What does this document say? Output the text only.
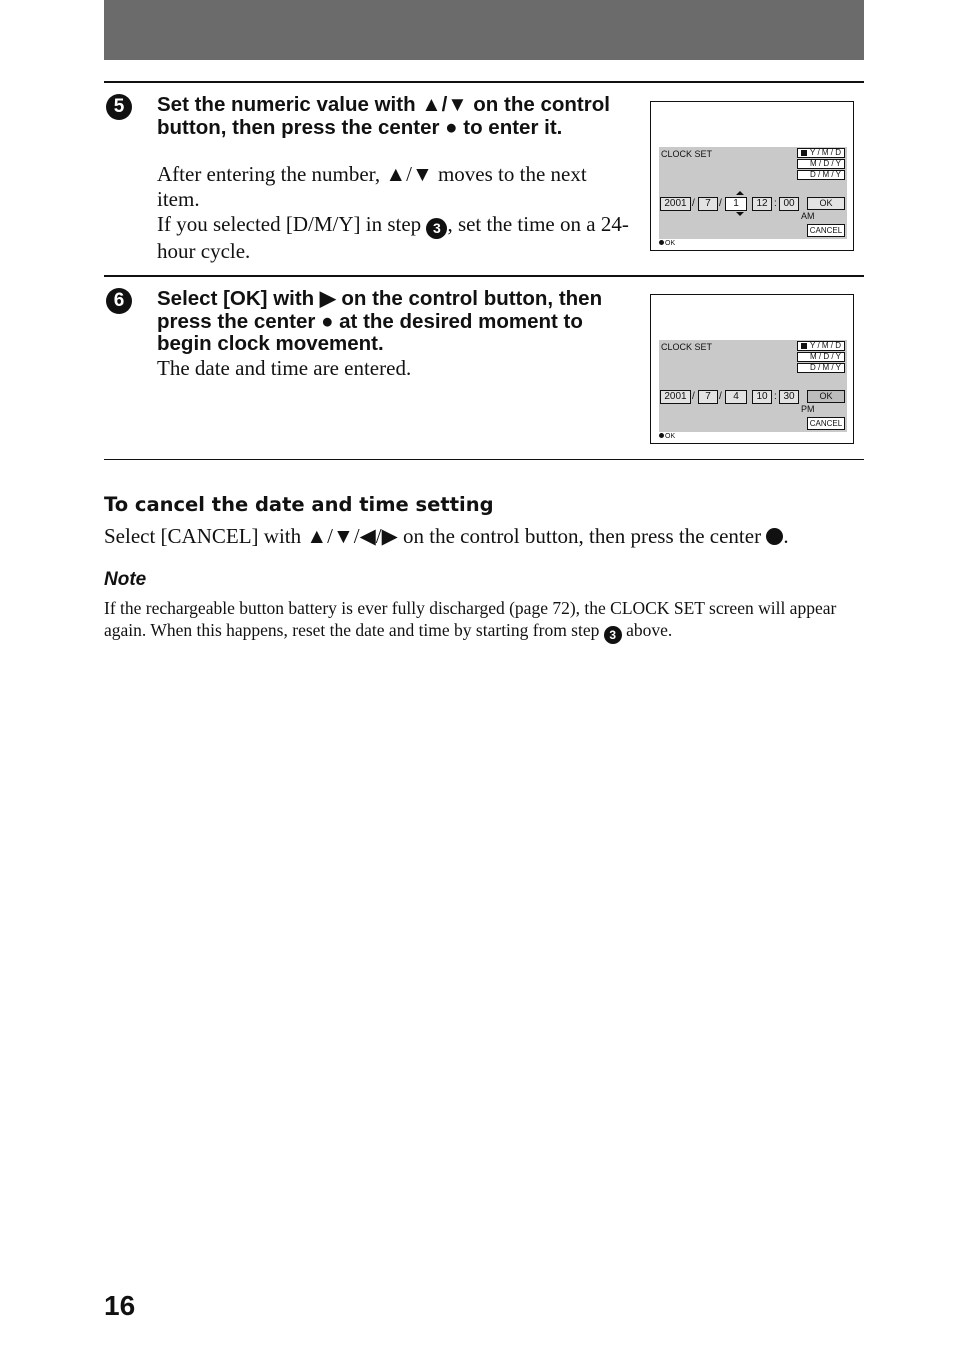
5	Set the numeric value with ▲/▼ on the control button, then press the center ● to enter it.

After entering the number, ▲/▼ moves to the next item.

If you selected [D/M/Y] in step 3 , set the time on a 24-hour cycle.

CLOCK SET	Y / M / D
M / D / Y
D / M / Y
2001 /	7 /	1	12 : 00
AM
OK
CANCEL
OK
6	Select [OK] with ▶ on the control button, then press the center ● at the desired moment to begin clock movement.

The date and time are entered.

CLOCK SET	Y / M / D
M / D / Y
D / M / Y
2001 /	7 /	4	10 : 30
PM
OK
CANCEL
OK
To cancel the date and time setting

Select [CANCEL] with ▲/▼/◀/▶ on the control button, then press the center .

Note

If the rechargeable button battery is ever fully discharged (page 72), the CLOCK SET screen will appear again. When this happens, reset the date and time by starting from step 3 above.

16
